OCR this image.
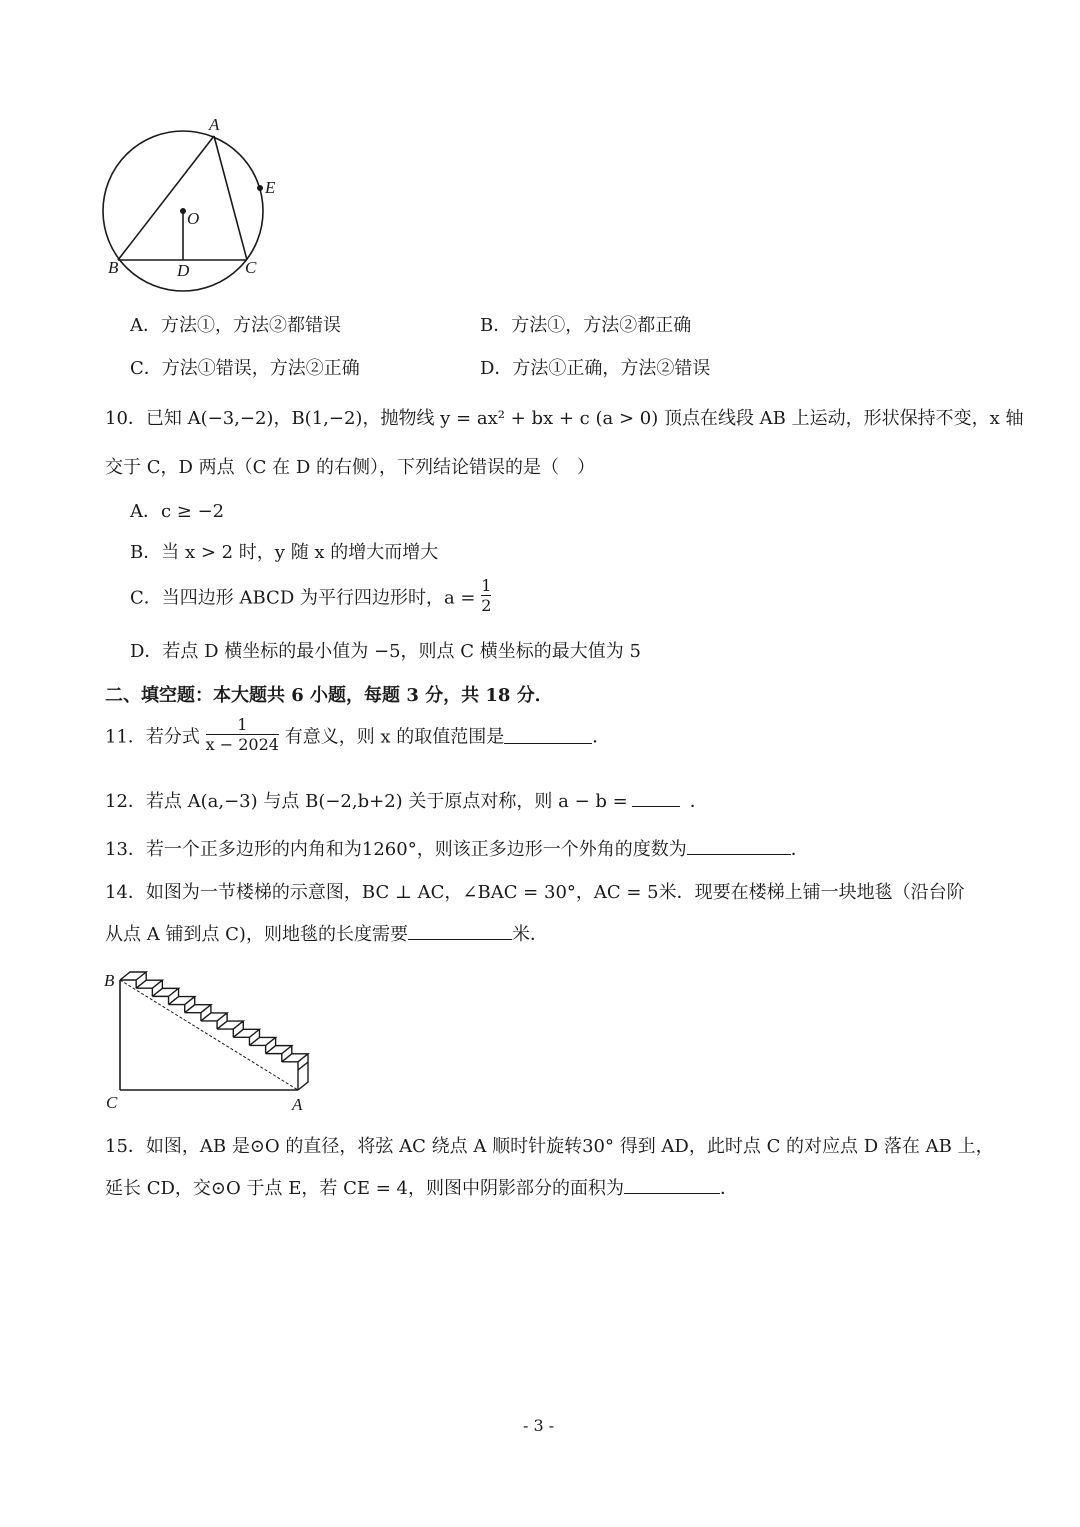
A
E
O
B	D	C
A．方法①，方法②都错误	B．方法①，方法②都正确
C．方法①错误，方法②正确	D．方法①正确，方法②错误
10．已知 A(−3,−2)，B(1,−2)，抛物线 y = ax² + bx + c (a > 0) 顶点在线段 AB 上运动，形状保持不变，x 轴
交于 C，D 两点（C 在 D 的右侧），下列结论错误的是（　）
A．c ≥ −2
B．当 x > 2 时，y 随 x 的增大而增大
C．当四边形 ABCD 为平行四边形时，$a = \frac{1}{2}$
D．若点 D 横坐标的最小值为 −5，则点 C 横坐标的最大值为 5
二、填空题：本大题共 6 小题，每题 3 分，共 18 分．
11．若分式 $\frac{1}{x - 2024}$ 有意义，则 x 的取值范围是	．
12．若点 A(a,−3) 与点 B(−2,b+2) 关于原点对称，则 a − b =	．
13．若一个正多边形的内角和为1260°，则该正多边形一个外角的度数为	．
14．如图为一节楼梯的示意图，BC ⊥ AC，∠BAC = 30°，AC = 5米．现要在楼梯上铺一块地毯（沿台阶
从点 A 铺到点 C)，则地毯的长度需要	米．
B
C	A
15．如图，AB 是⊙O 的直径，将弦 AC 绕点 A 顺时针旋转30° 得到 AD，此时点 C 的对应点 D 落在 AB 上，
延长 CD，交⊙O 于点 E，若 CE = 4，则图中阴影部分的面积为	．
- 3 -
